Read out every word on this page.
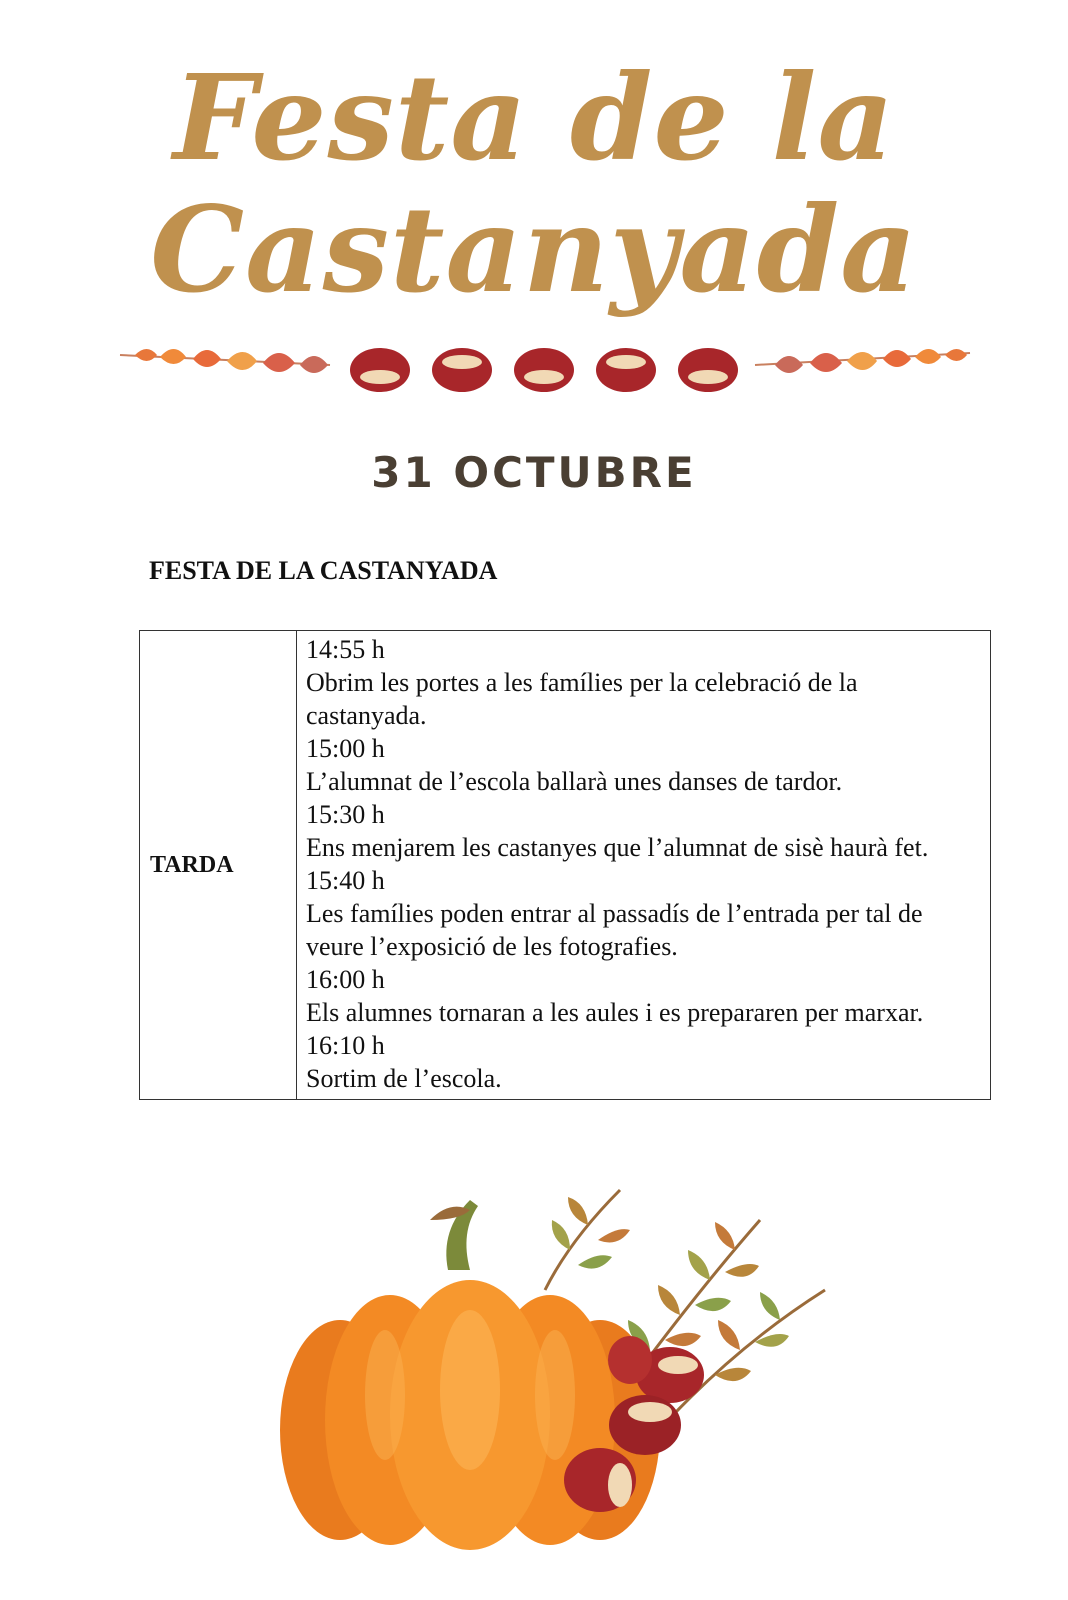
Festa de la
Castanyada
31 OCTUBRE
FESTA DE LA CASTANYADA
TARDA	
14:55 h
Obrim les portes a les famílies per la celebració de la castanyada.
15:00 h
L’alumnat de l’escola ballarà unes danses de tardor.
15:30 h
Ens menjarem les castanyes que l’alumnat de sisè haurà fet.
15:40 h
Les famílies poden entrar al passadís de l’entrada per tal de veure l’exposició de les fotografies.
16:00 h
Els alumnes tornaran a les aules i es prepararen per marxar.
16:10 h
Sortim de l’escola.
